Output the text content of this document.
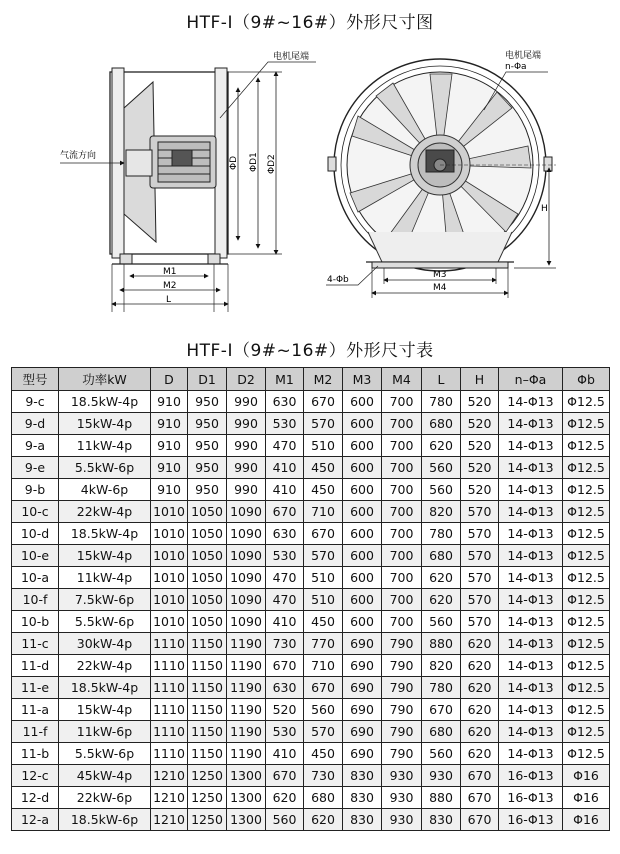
HTF-Ⅰ（9#~16#）外形尺寸图
电机尾端
气流方向	ΦD ΦD1 ΦD2
M1
M2
L
电机尾端
n-Φa
H
M3
M4
4-Φb
HTF-Ⅰ（9#~16#）外形尺寸表
型号	功率kW	D	D1	D2	M1	M2	M3	M4	L	H	n–Φa	Φb
9-c	18.5kW-4p	910	950	990	630	670	600	700	780	520	14-Φ13	Φ12.5
9-d	15kW-4p	910	950	990	530	570	600	700	680	520	14-Φ13	Φ12.5
9-a	11kW-4p	910	950	990	470	510	600	700	620	520	14-Φ13	Φ12.5
9-e	5.5kW-6p	910	950	990	410	450	600	700	560	520	14-Φ13	Φ12.5
9-b	4kW-6p	910	950	990	410	450	600	700	560	520	14-Φ13	Φ12.5
10-c	22kW-4p	1010	1050	1090	670	710	600	700	820	570	14-Φ13	Φ12.5
10-d	18.5kW-4p	1010	1050	1090	630	670	600	700	780	570	14-Φ13	Φ12.5
10-e	15kW-4p	1010	1050	1090	530	570	600	700	680	570	14-Φ13	Φ12.5
10-a	11kW-4p	1010	1050	1090	470	510	600	700	620	570	14-Φ13	Φ12.5
10-f	7.5kW-6p	1010	1050	1090	470	510	600	700	620	570	14-Φ13	Φ12.5
10-b	5.5kW-6p	1010	1050	1090	410	450	600	700	560	570	14-Φ13	Φ12.5
11-c	30kW-4p	1110	1150	1190	730	770	690	790	880	620	14-Φ13	Φ12.5
11-d	22kW-4p	1110	1150	1190	670	710	690	790	820	620	14-Φ13	Φ12.5
11-e	18.5kW-4p	1110	1150	1190	630	670	690	790	780	620	14-Φ13	Φ12.5
11-a	15kW-4p	1110	1150	1190	520	560	690	790	670	620	14-Φ13	Φ12.5
11-f	11kW-6p	1110	1150	1190	530	570	690	790	680	620	14-Φ13	Φ12.5
11-b	5.5kW-6p	1110	1150	1190	410	450	690	790	560	620	14-Φ13	Φ12.5
12-c	45kW-4p	1210	1250	1300	670	730	830	930	930	670	16-Φ13	Φ16
12-d	22kW-6p	1210	1250	1300	620	680	830	930	880	670	16-Φ13	Φ16
12-a	18.5kW-6p	1210	1250	1300	560	620	830	930	830	670	16-Φ13	Φ16
